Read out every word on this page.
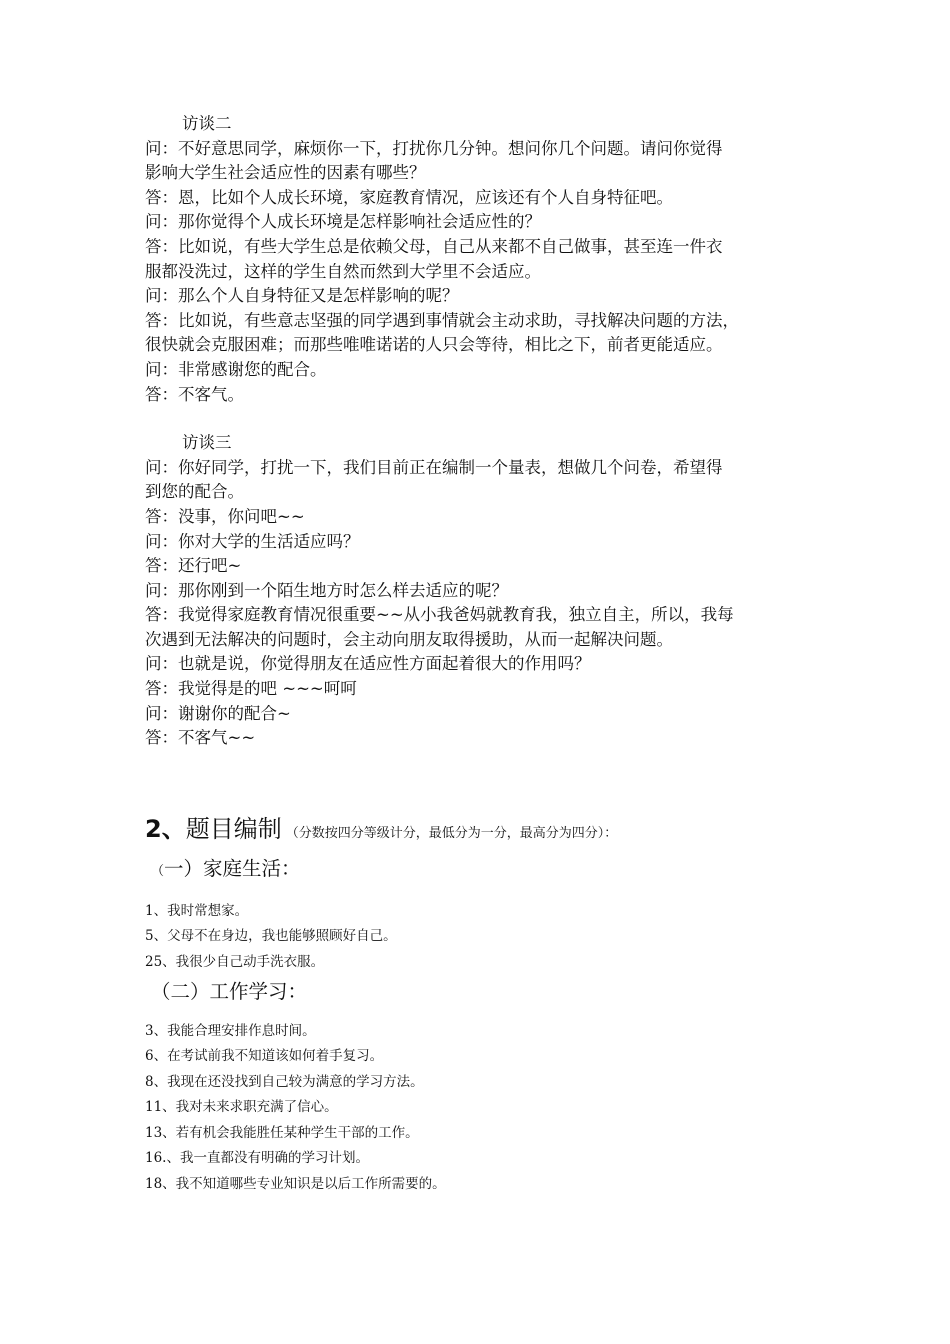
访谈二
问：不好意思同学，麻烦你一下，打扰你几分钟。想问你几个问题。请问你觉得
影响大学生社会适应性的因素有哪些？
答：恩，比如个人成长环境，家庭教育情况，应该还有个人自身特征吧。
问：那你觉得个人成长环境是怎样影响社会适应性的？
答：比如说，有些大学生总是依赖父母，自己从来都不自己做事，甚至连一件衣
服都没洗过，这样的学生自然而然到大学里不会适应。
问：那么个人自身特征又是怎样影响的呢？
答：比如说，有些意志坚强的同学遇到事情就会主动求助，寻找解决问题的方法，
很快就会克服困难；而那些唯唯诺诺的人只会等待，相比之下，前者更能适应。
问：非常感谢您的配合。
答：不客气。
访谈三
问：你好同学，打扰一下，我们目前正在编制一个量表，想做几个问卷，希望得
到您的配合。
答：没事，你问吧~~
问：你对大学的生活适应吗？
答：还行吧~
问：那你刚到一个陌生地方时怎么样去适应的呢？
答：我觉得家庭教育情况很重要~~从小我爸妈就教育我，独立自主，所以，我每
次遇到无法解决的问题时，会主动向朋友取得援助，从而一起解决问题。
问：也就是说，你觉得朋友在适应性方面起着很大的作用吗？
答：我觉得是的吧 ~~~呵呵
问：谢谢你的配合~
答：不客气~~
2、 题目编制 （分数按四分等级计分，最低分为一分，最高分为四分）：
（一）家庭生活：
1、我时常想家。
5、父母不在身边，我也能够照顾好自己。
25、我很少自己动手洗衣服。
（二）工作学习：
3、我能合理安排作息时间。
6、在考试前我不知道该如何着手复习。
8、我现在还没找到自己较为满意的学习方法。
11、我对未来求职充满了信心。
13、若有机会我能胜任某种学生干部的工作。
16.、我一直都没有明确的学习计划。
18、我不知道哪些专业知识是以后工作所需要的。
